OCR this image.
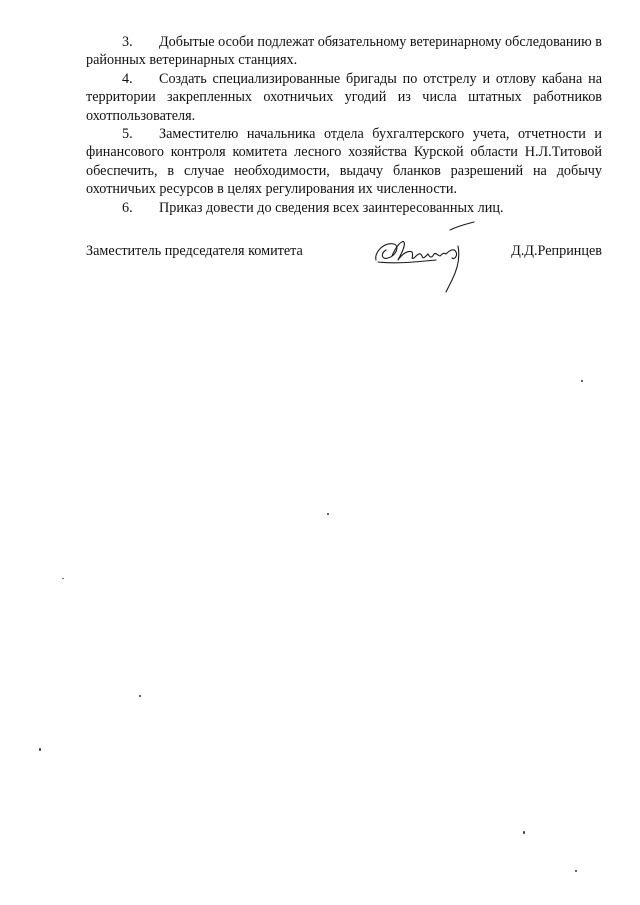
3. Добытые особи подлежат обязательному ветеринарному обследованию в районных ветеринарных станциях.

4. Создать специализированные бригады по отстрелу и отлову кабана на территории закрепленных охотничьих угодий из числа штатных работников охотпользователя.

5. Заместителю начальника отдела бухгалтерского учета, отчетности и финансового контроля комитета лесного хозяйства Курской области Н.Л.Титовой обеспечить, в случае необходимости, выдачу бланков разрешений на добычу охотничьих ресурсов в целях регулирования их численности.

6. Приказ довести до сведения всех заинтересованных лиц.

Заместитель председателя комитета	Д.Д.Репринцев
